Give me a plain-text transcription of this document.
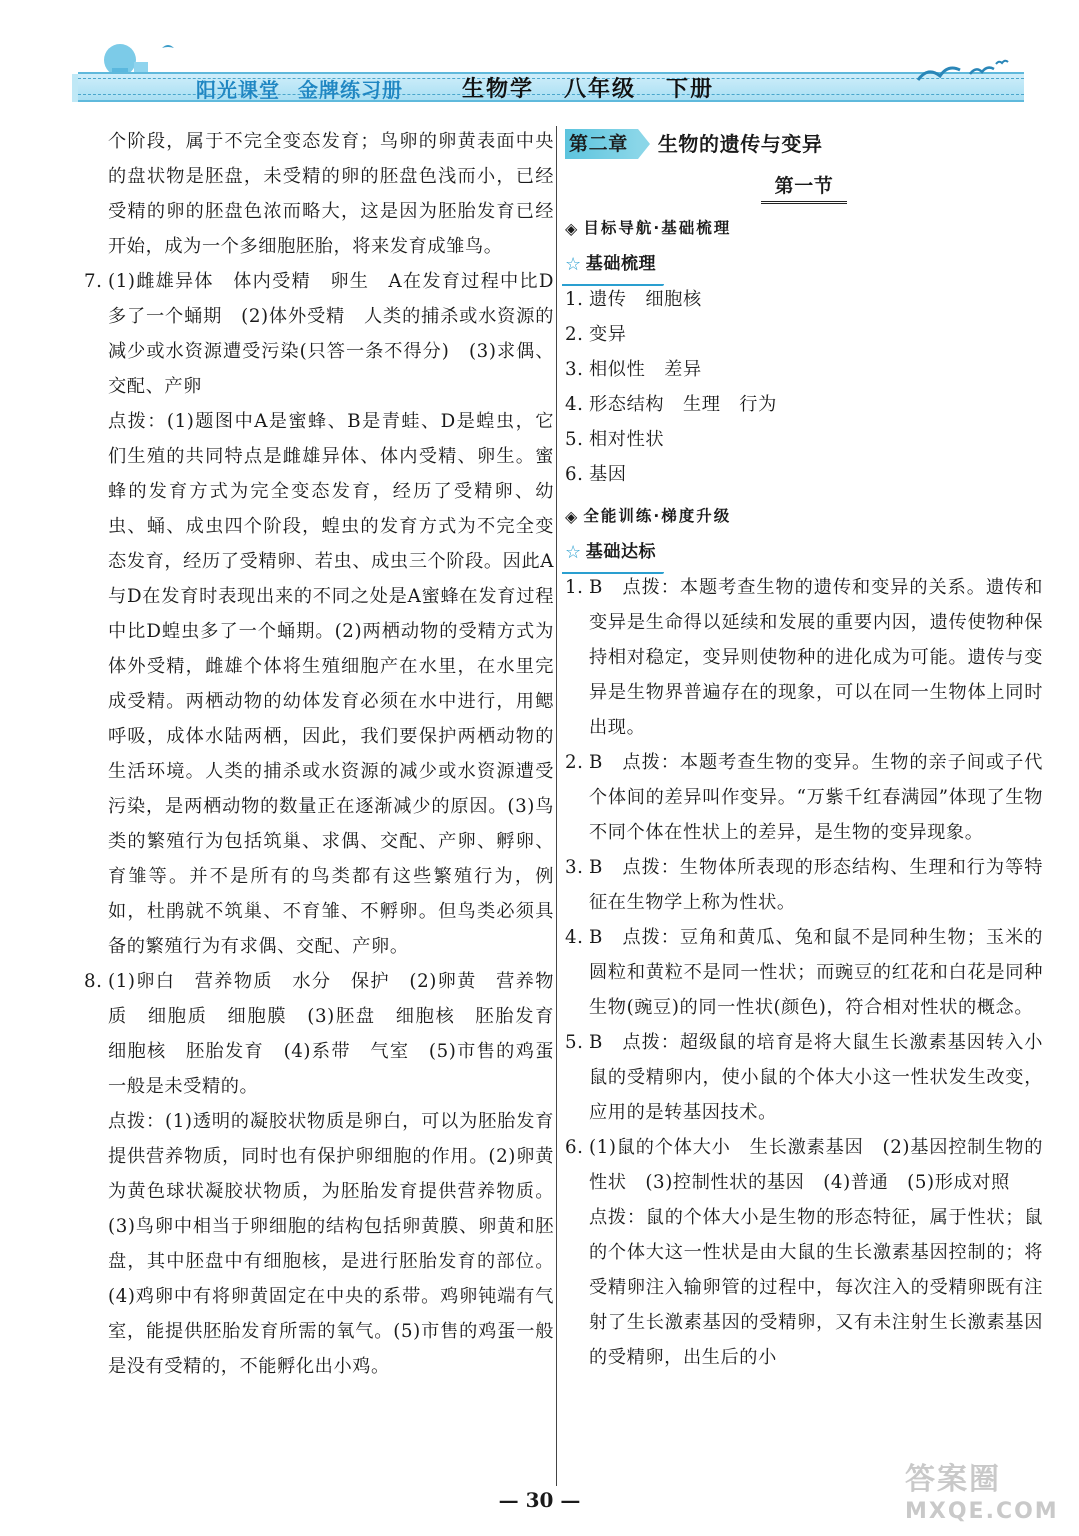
阳光课堂 金牌练习册	生物学 八年级 下册

个阶段，属于不完全变态发育；鸟卵的卵黄表面中央的盘状物是胚盘，未受精的卵的胚盘色浅而小，已经受精的卵的胚盘色浓而略大，这是因为胚胎发育已经开始，成为一个多细胞胚胎，将来发育成雏鸟。

7. (1)雌雄异体　体内受精　卵生　A在发育过程中比D多了一个蛹期　(2)体外受精　人类的捕杀或水资源的减少或水资源遭受污染(只答一条不得分)　(3)求偶、交配、产卵

点拨：(1)题图中A是蜜蜂、B是青蛙、D是蝗虫，它们生殖的共同特点是雌雄异体、体内受精、卵生。蜜蜂的发育方式为完全变态发育，经历了受精卵、幼虫、蛹、成虫四个阶段，蝗虫的发育方式为不完全变态发育，经历了受精卵、若虫、成虫三个阶段。因此A与D在发育时表现出来的不同之处是A蜜蜂在发育过程中比D蝗虫多了一个蛹期。(2)两栖动物的受精方式为体外受精，雌雄个体将生殖细胞产在水里，在水里完成受精。两栖动物的幼体发育必须在水中进行，用鳃呼吸，成体水陆两栖，因此，我们要保护两栖动物的生活环境。人类的捕杀或水资源的减少或水资源遭受污染，是两栖动物的数量正在逐渐减少的原因。(3)鸟类的繁殖行为包括筑巢、求偶、交配、产卵、孵卵、育雏等。并不是所有的鸟类都有这些繁殖行为，例如，杜鹃就不筑巢、不育雏、不孵卵。但鸟类必须具备的繁殖行为有求偶、交配、产卵。

8. (1)卵白　营养物质　水分　保护　(2)卵黄　营养物质　细胞质　细胞膜　(3)胚盘　细胞核　胚胎发育　细胞核　胚胎发育　(4)系带　气室　(5)市售的鸡蛋一般是未受精的。

点拨：(1)透明的凝胶状物质是卵白，可以为胚胎发育提供营养物质，同时也有保护卵细胞的作用。(2)卵黄为黄色球状凝胶状物质，为胚胎发育提供营养物质。(3)鸟卵中相当于卵细胞的结构包括卵黄膜、卵黄和胚盘，其中胚盘中有细胞核，是进行胚胎发育的部位。(4)鸡卵中有将卵黄固定在中央的系带。鸡卵钝端有气室，能提供胚胎发育所需的氧气。(5)市售的鸡蛋一般是没有受精的，不能孵化出小鸡。

第二章	生物的遗传与变异
第一节
◈ 目标导航·基础梳理
☆ 基础梳理
1. 遗传　细胞核

2. 变异

3. 相似性　差异

4. 形态结构　生理　行为

5. 相对性状

6. 基因

◈ 全能训练·梯度升级
☆ 基础达标
1. B　点拨：本题考查生物的遗传和变异的关系。遗传和变异是生命得以延续和发展的重要内因，遗传使物种保持相对稳定，变异则使物种的进化成为可能。遗传与变异是生物界普遍存在的现象，可以在同一生物体上同时出现。

2. B　点拨：本题考查生物的变异。生物的亲子间或子代个体间的差异叫作变异。“万紫千红春满园”体现了生物不同个体在性状上的差异，是生物的变异现象。

3. B　点拨：生物体所表现的形态结构、生理和行为等特征在生物学上称为性状。

4. B　点拨：豆角和黄瓜、兔和鼠不是同种生物；玉米的圆粒和黄粒不是同一性状；而豌豆的红花和白花是同种生物(豌豆)的同一性状(颜色)，符合相对性状的概念。

5. B　点拨：超级鼠的培育是将大鼠生长激素基因转入小鼠的受精卵内，使小鼠的个体大小这一性状发生改变，应用的是转基因技术。

6. (1)鼠的个体大小　生长激素基因　(2)基因控制生物的性状　(3)控制性状的基因　(4)普通　(5)形成对照

点拨：鼠的个体大小是生物的形态特征，属于性状；鼠的个体大这一性状是由大鼠的生长激素基因控制的；将受精卵注入输卵管的过程中，每次注入的受精卵既有注射了生长激素基因的受精卵，又有未注射生长激素基因的受精卵，出生后的小

— 30 —
答案圈
MXQE.COM
